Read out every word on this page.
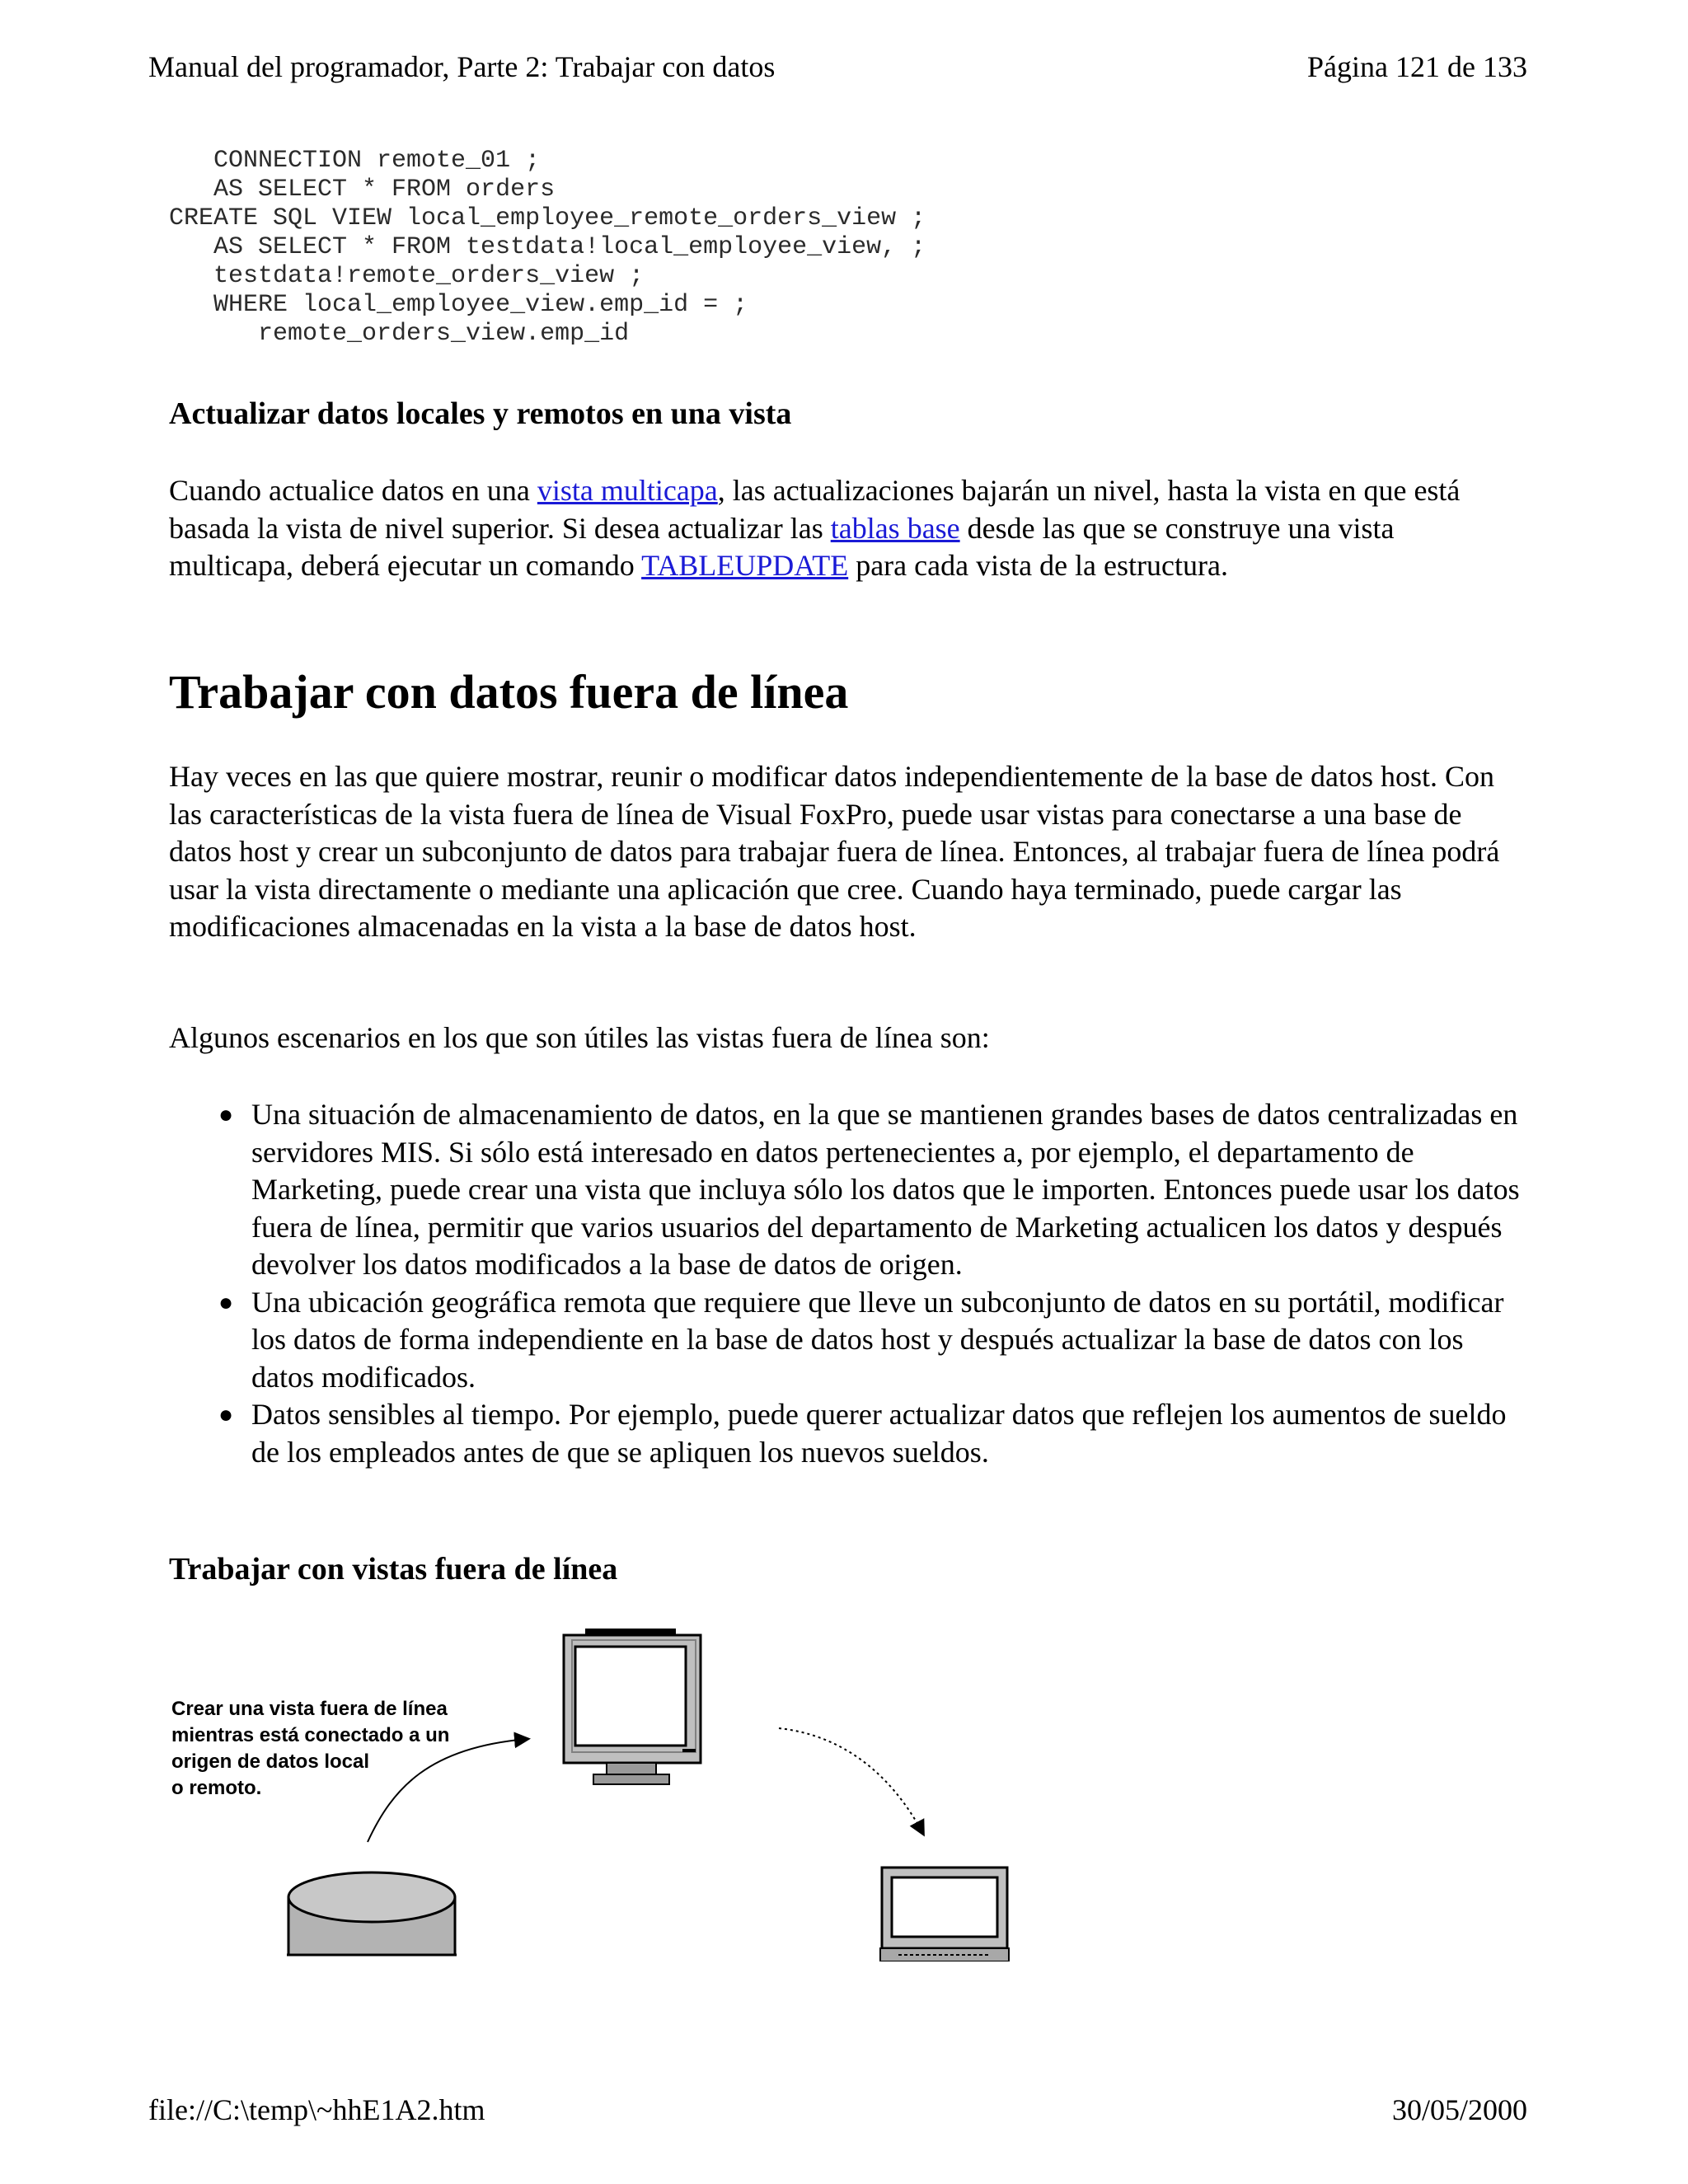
Manual del programador, Parte 2: Trabajar con datos	Página 121 de 133
CONNECTION remote_01 ;
AS SELECT * FROM orders
CREATE SQL VIEW local_employee_remote_orders_view ;
AS SELECT * FROM testdata!local_employee_view, ;
testdata!remote_orders_view ;
WHERE local_employee_view.emp_id = ;
remote_orders_view.emp_id
Actualizar datos locales y remotos en una vista

Cuando actualice datos en una vista multicapa, las actualizaciones bajarán un nivel, hasta la vista en que está basada la vista de nivel superior. Si desea actualizar las tablas base desde las que se construye una vista multicapa, deberá ejecutar un comando TABLEUPDATE para cada vista de la estructura.

Trabajar con datos fuera de línea

Hay veces en las que quiere mostrar, reunir o modificar datos independientemente de la base de datos host. Con las características de la vista fuera de línea de Visual FoxPro, puede usar vistas para conectarse a una base de datos host y crear un subconjunto de datos para trabajar fuera de línea. Entonces, al trabajar fuera de línea podrá usar la vista directamente o mediante una aplicación que cree. Cuando haya terminado, puede cargar las modificaciones almacenadas en la vista a la base de datos host.

Algunos escenarios en los que son útiles las vistas fuera de línea son:

● Una situación de almacenamiento de datos, en la que se mantienen grandes bases de datos centralizadas en servidores MIS. Si sólo está interesado en datos pertenecientes a, por ejemplo, el departamento de Marketing, puede crear una vista que incluya sólo los datos que le importen. Entonces puede usar los datos fuera de línea, permitir que varios usuarios del departamento de Marketing actualicen los datos y después devolver los datos modificados a la base de datos de origen.
● Una ubicación geográfica remota que requiere que lleve un subconjunto de datos en su portátil, modificar los datos de forma independiente en la base de datos host y después actualizar la base de datos con los datos modificados.
● Datos sensibles al tiempo. Por ejemplo, puede querer actualizar datos que reflejen los aumentos de sueldo de los empleados antes de que se apliquen los nuevos sueldos.
Trabajar con vistas fuera de línea
Crear una vista fuera de línea
mientras está conectado a un
origen de datos local
o remoto.
file://C:\temp\~hhE1A2.htm	30/05/2000
